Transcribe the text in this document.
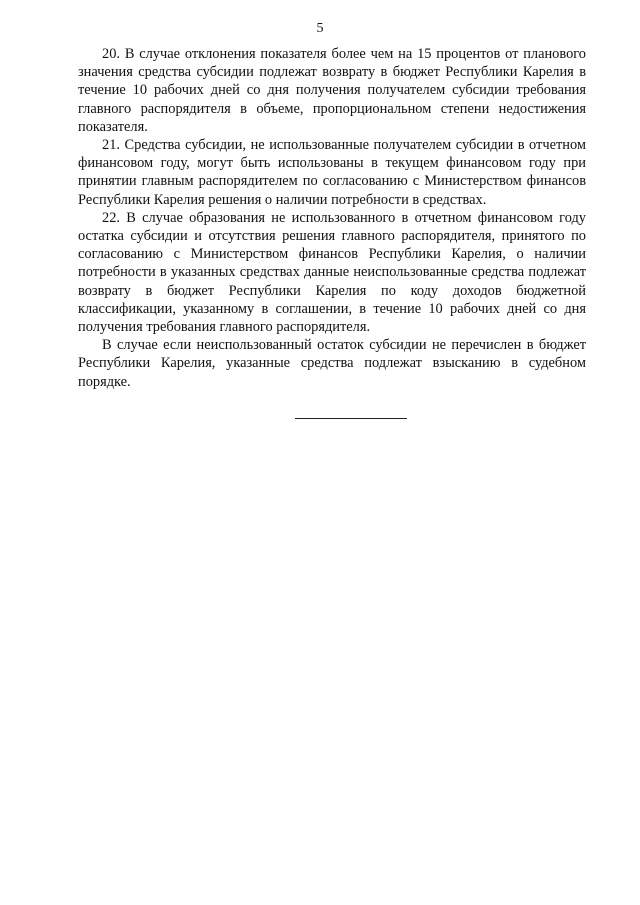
5

20. В случае отклонения показателя более чем на 15 процентов от планового значения средства субсидии подлежат возврату в бюджет Республики Карелия в течение 10 рабочих дней со дня получения получателем субсидии требования главного распорядителя в объеме, пропорциональном степени недостижения показателя.

21. Средства субсидии, не использованные получателем субсидии в отчетном финансовом году, могут быть использованы в текущем финансовом году при принятии главным распорядителем по согласованию с Министерством финансов Республики Карелия решения о наличии потребности в средствах.

22. В случае образования не использованного в отчетном финансовом году остатка субсидии и отсутствия решения главного распорядителя, принятого по согласованию с Министерством финансов Республики Карелия, о наличии потребности в указанных средствах данные неиспользованные средства подлежат возврату в бюджет Республики Карелия по коду доходов бюджетной классификации, указанному в соглашении, в течение 10 рабочих дней со дня получения требования главного распорядителя.

В случае если неиспользованный остаток субсидии не перечислен в бюджет Республики Карелия, указанные средства подлежат взысканию в судебном порядке.
